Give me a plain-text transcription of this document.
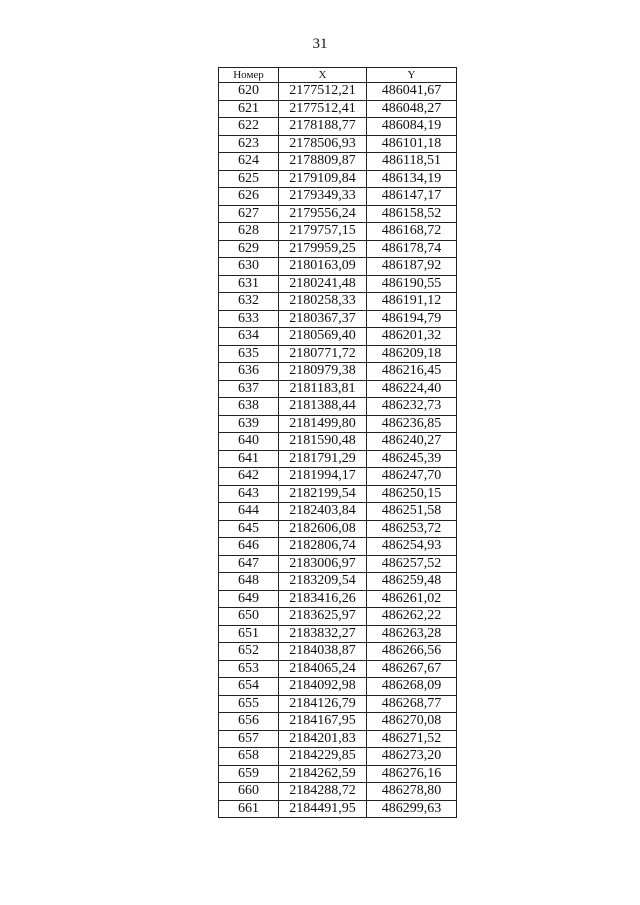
31
Номер	X	Y
620	2177512,21	486041,67
621	2177512,41	486048,27
622	2178188,77	486084,19
623	2178506,93	486101,18
624	2178809,87	486118,51
625	2179109,84	486134,19
626	2179349,33	486147,17
627	2179556,24	486158,52
628	2179757,15	486168,72
629	2179959,25	486178,74
630	2180163,09	486187,92
631	2180241,48	486190,55
632	2180258,33	486191,12
633	2180367,37	486194,79
634	2180569,40	486201,32
635	2180771,72	486209,18
636	2180979,38	486216,45
637	2181183,81	486224,40
638	2181388,44	486232,73
639	2181499,80	486236,85
640	2181590,48	486240,27
641	2181791,29	486245,39
642	2181994,17	486247,70
643	2182199,54	486250,15
644	2182403,84	486251,58
645	2182606,08	486253,72
646	2182806,74	486254,93
647	2183006,97	486257,52
648	2183209,54	486259,48
649	2183416,26	486261,02
650	2183625,97	486262,22
651	2183832,27	486263,28
652	2184038,87	486266,56
653	2184065,24	486267,67
654	2184092,98	486268,09
655	2184126,79	486268,77
656	2184167,95	486270,08
657	2184201,83	486271,52
658	2184229,85	486273,20
659	2184262,59	486276,16
660	2184288,72	486278,80
661	2184491,95	486299,63
